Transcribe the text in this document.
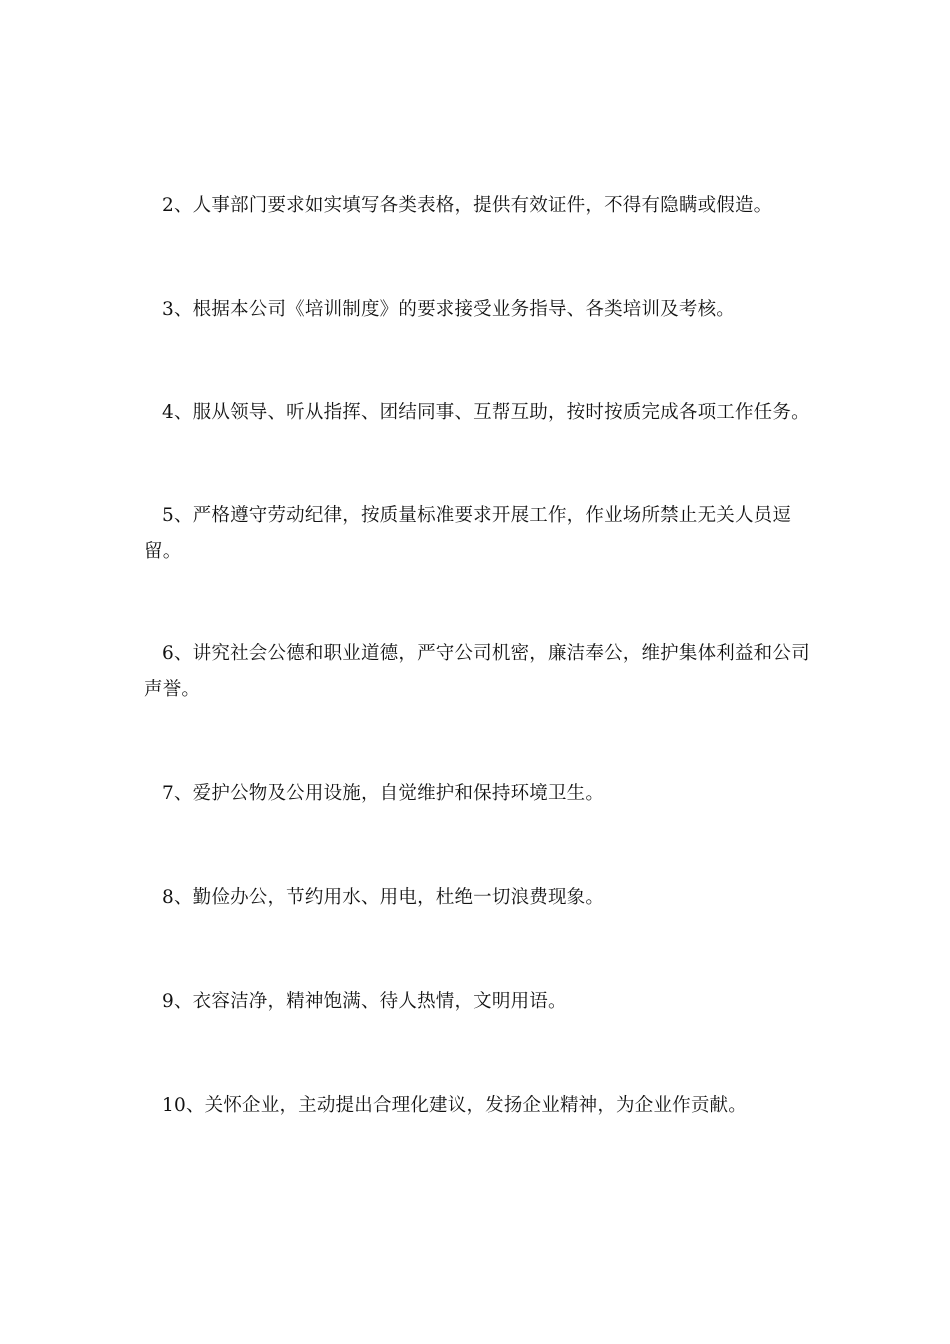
2、人事部门要求如实填写各类表格，提供有效证件，不得有隐瞒或假造。

3、根据本公司《培训制度》的要求接受业务指导、各类培训及考核。

4、服从领导、听从指挥、团结同事、互帮互助，按时按质完成各项工作任务。

5、严格遵守劳动纪律，按质量标准要求开展工作，作业场所禁止无关人员逗留。

6、讲究社会公德和职业道德，严守公司机密，廉洁奉公，维护集体利益和公司声誉。

7、爱护公物及公用设施，自觉维护和保持环境卫生。

8、勤俭办公，节约用水、用电，杜绝一切浪费现象。

9、衣容洁净，精神饱满、待人热情，文明用语。

10、关怀企业，主动提出合理化建议，发扬企业精神，为企业作贡献。
